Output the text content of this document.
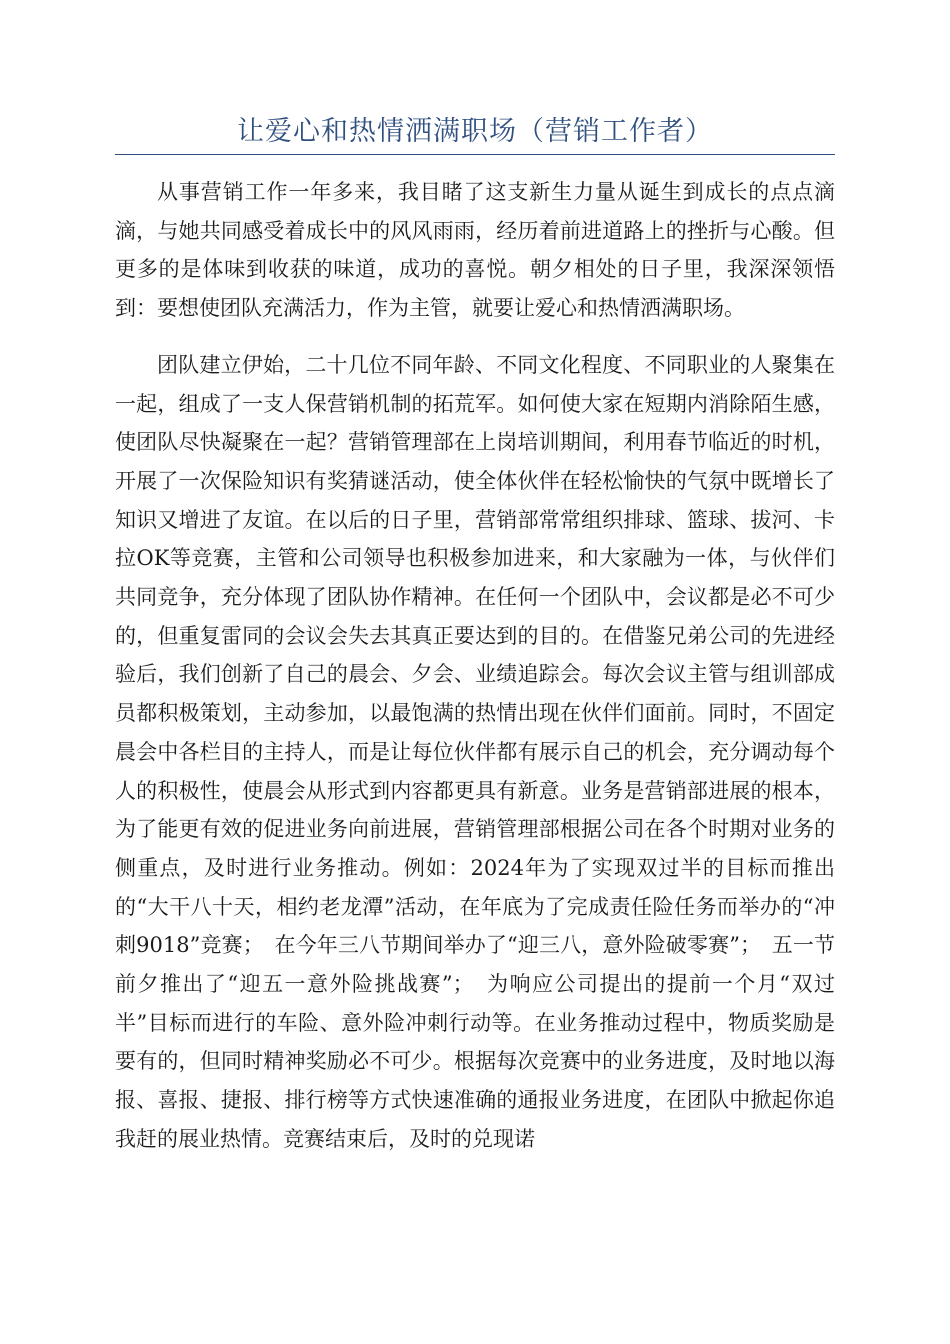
让爱心和热情洒满职场（营销工作者）

从事营销工作一年多来，我目睹了这支新生力量从诞生到成长的点点滴滴，与她共同感受着成长中的风风雨雨，经历着前进道路上的挫折与心酸。但更多的是体味到收获的味道，成功的喜悦。朝夕相处的日子里，我深深领悟到：要想使团队充满活力，作为主管，就要让爱心和热情洒满职场。

团队建立伊始，二十几位不同年龄、不同文化程度、不同职业的人聚集在一起，组成了一支人保营销机制的拓荒军。如何使大家在短期内消除陌生感，使团队尽快凝聚在一起？营销管理部在上岗培训期间，利用春节临近的时机，开展了一次保险知识有奖猜谜活动，使全体伙伴在轻松愉快的气氛中既增长了知识又增进了友谊。在以后的日子里，营销部常常组织排球、篮球、拔河、卡拉OK等竞赛，主管和公司领导也积极参加进来，和大家融为一体，与伙伴们共同竞争，充分体现了团队协作精神。在任何一个团队中，会议都是必不可少的，但重复雷同的会议会失去其真正要达到的目的。在借鉴兄弟公司的先进经验后，我们创新了自己的晨会、夕会、业绩追踪会。每次会议主管与组训部成员都积极策划，主动参加，以最饱满的热情出现在伙伴们面前。同时，不固定晨会中各栏目的主持人，而是让每位伙伴都有展示自己的机会，充分调动每个人的积极性，使晨会从形式到内容都更具有新意。业务是营销部进展的根本，为了能更有效的促进业务向前进展，营销管理部根据公司在各个时期对业务的侧重点，及时进行业务推动。例如：2024年为了实现双过半的目标而推出的“大干八十天，相约老龙潭”活动，在年底为了完成责任险任务而举办的“冲刺9018”竞赛；　在今年三八节期间举办了“迎三八，意外险破零赛”；　五一节前夕推出了“迎五一意外险挑战赛”；　为响应公司提出的提前一个月“双过半”目标而进行的车险、意外险冲刺行动等。在业务推动过程中，物质奖励是要有的，但同时精神奖励必不可少。根据每次竞赛中的业务进度，及时地以海报、喜报、捷报、排行榜等方式快速准确的通报业务进度，在团队中掀起你追我赶的展业热情。竞赛结束后，及时的兑现诺
